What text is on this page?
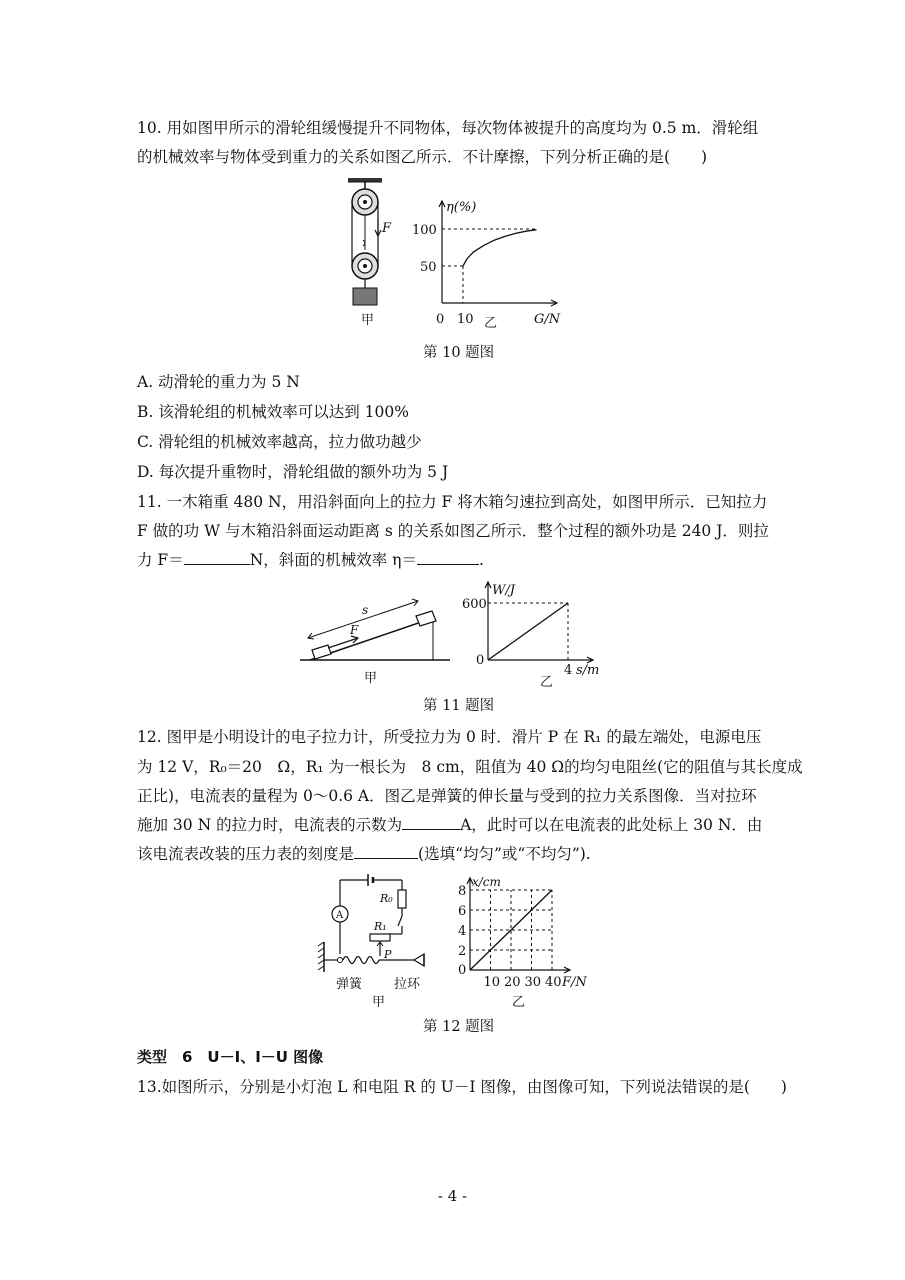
10. 用如图甲所示的滑轮组缓慢提升不同物体，每次物体被提升的高度均为 0.5 m．滑轮组
的机械效率与物体受到重力的关系如图乙所示．不计摩擦，下列分析正确的是(　　)
F
甲
η(%)
G/N
0 10
50
100
乙
第 10 题图
A. 动滑轮的重力为 5 N
B. 该滑轮组的机械效率可以达到 100%
C. 滑轮组的机械效率越高，拉力做功越少
D. 每次提升重物时，滑轮组做的额外功为 5 J
11. 一木箱重 480 N，用沿斜面向上的拉力 F 将木箱匀速拉到高处，如图甲所示．已知拉力
F 做的功 W 与木箱沿斜面运动距离 s 的关系如图乙所示．整个过程的额外功是 240 J．则拉
力 F＝	N，斜面的机械效率 η＝	.
s
F
甲
W/J
s/m
0
600
4
乙
第 11 题图
12. 图甲是小明设计的电子拉力计，所受拉力为 0 时．滑片 P 在 R₁ 的最左端处，电源电压
为 12 V，R₀＝20　Ω，R₁ 为一根长为　8 cm，阻值为 40 Ω的均匀电阻丝(它的阻值与其长度成
正比)，电流表的量程为 0～0.6 A．图乙是弹簧的伸长量与受到的拉力关系图像．当对拉环
施加 30 N 的拉力时，电流表的示数为	A，此时可以在电流表的此处标上 30 N．由
该电流表改装的压力表的刻度是	(选填“均匀”或“不均匀”).
A
R₀
R₁
P
弹簧 拉环
甲
x/cm
F/N
0
10 20 30 40
2
4
6
8
乙
第 12 题图
类型　6　U－I、I－U 图像
13.如图所示，分别是小灯泡 L 和电阻 R 的 U－I 图像，由图像可知，下列说法错误的是(　　)
- 4 -
